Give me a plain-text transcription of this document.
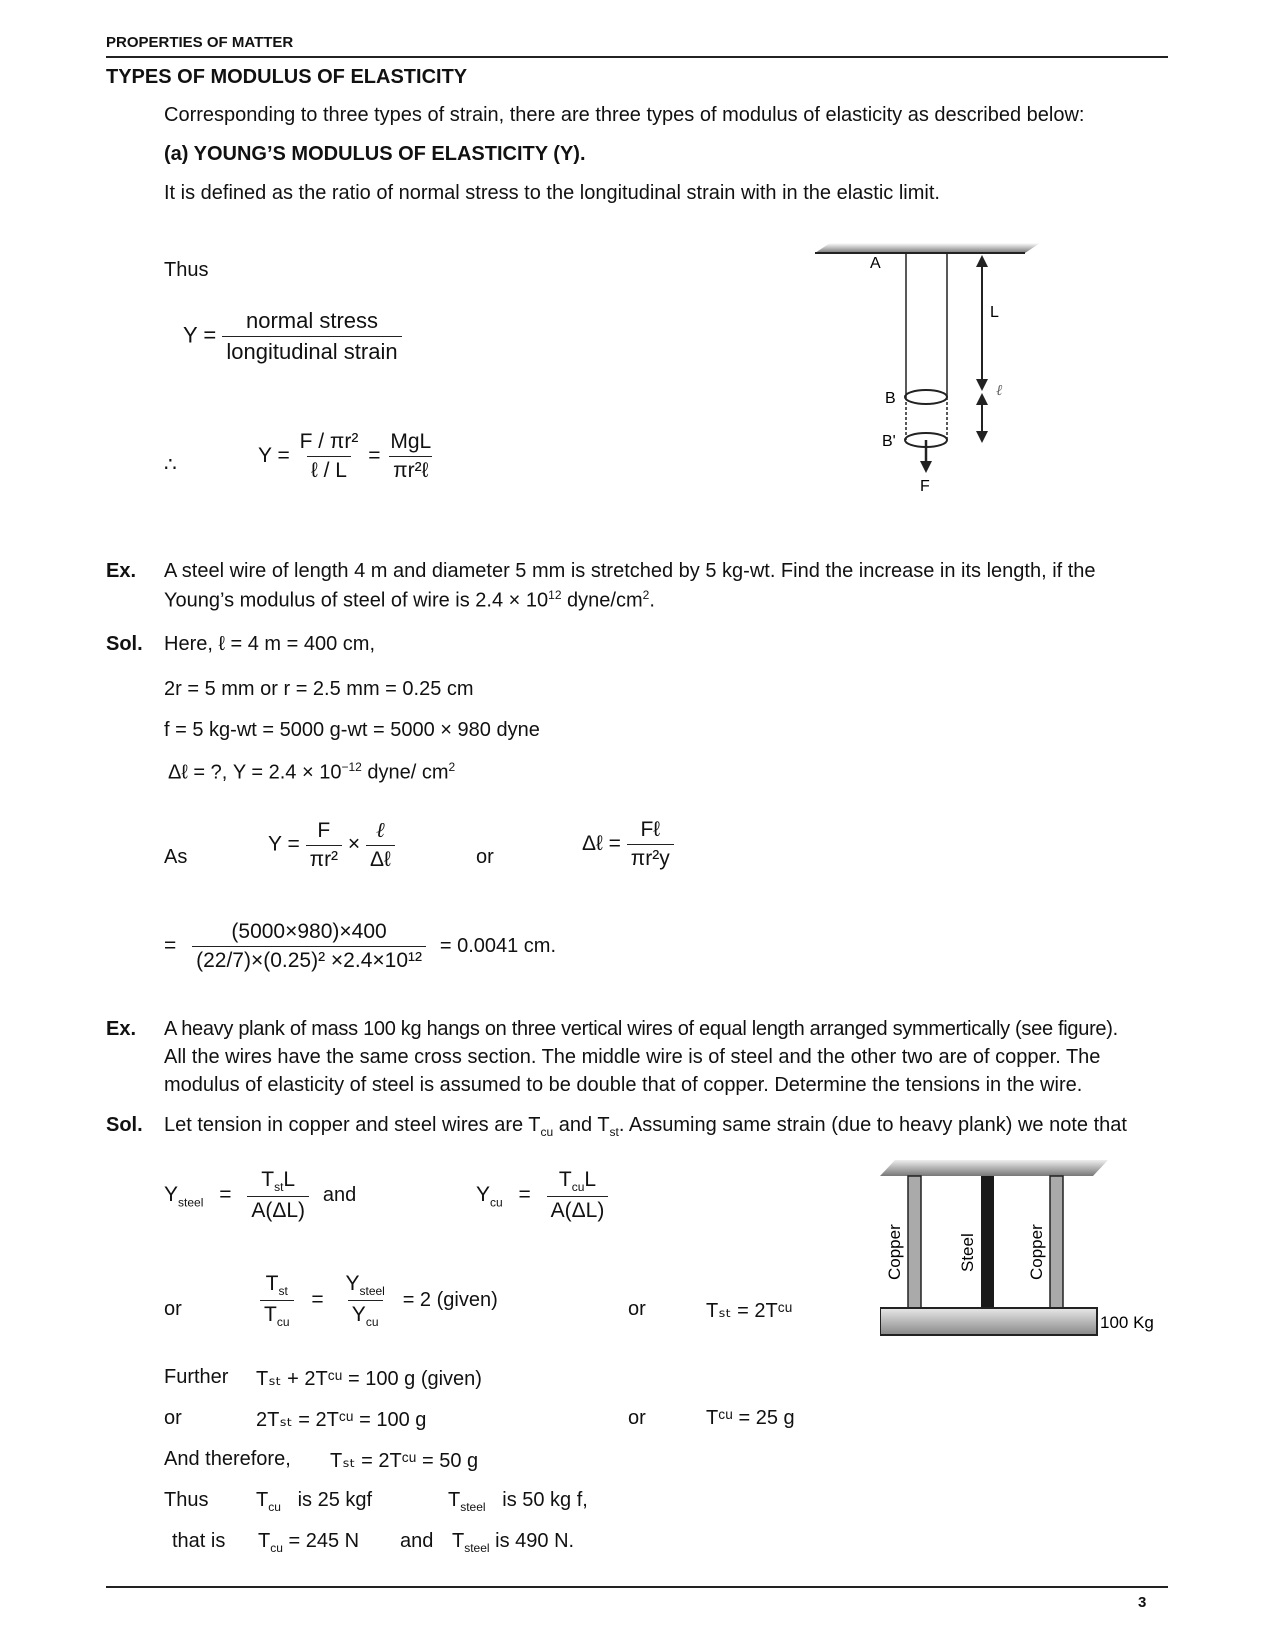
PROPERTIES OF MATTER
TYPES OF MODULUS OF ELASTICITY
Corresponding to three types of strain, there are three types of modulus of elasticity as described below:
(a) YOUNG’S MODULUS OF ELASTICITY (Y).
It is defined as the ratio of normal stress to the longitudinal strain with in the elastic limit.
Thus
$Y = \frac{\text{normal stress}}{\text{longitudinal strain}}$
∴	$Y = \frac{\text{F / πr²}}{\text{ℓ / L}} = \frac{\text{MgL}}{\text{πr²ℓ}}$
A
L
ℓ
B
B'
F
Ex. A steel wire of length 4 m and diameter 5 mm is stretched by 5 kg-wt. Find the increase in its length, if the
Young’s modulus of steel of wire is $2.4 \times 10^{12}$ dyne/$cm^2$.
Sol. Here, ℓ = 4 m = 400 cm,
2r = 5 mm or r = 2.5 mm = 0.25 cm
f = 5 kg-wt = 5000 g-wt = 5000 × 980 dyne
Δℓ = ?, $Y = 2.4 \times 10^{-12}$ dyne/ $cm^2$
As
$Y = \frac{F}{\text{πr²}} \times \frac{\text{ℓ}}{\text{Δℓ}}$	or
Δℓ = $\frac{\text{Fℓ}}{\text{πr²y}}$
= $\frac{(5000\times 980)\times 400}{\text{(22/7)×(0.25)² ×2.4×10¹²}} = 0.0041$ cm.
Ex. A heavy plank of mass 100 kg hangs on three vertical wires of equal length arranged symmertically (see figure).
All the wires have the same cross section. The middle wire is of steel and the other two are of copper. The
modulus of elasticity of steel is assumed to be double that of copper. Determine the tensions in the wire.
Sol. Let tension in copper and steel wires are $T_{cu}$ and $T_{st}$. Assuming same strain (due to heavy plank) we note that
$Y_{steel} = \frac{T_{st}L}{A(\Delta L)}$ and	$Y_{cu} = \frac{T_{cu}L}{A(\Delta L)}$
or	$\frac{T_{st}}{T_{cu}} = \frac{Y_{steel}}{Y_{cu}} = 2$ (given)	or	Tₛₜ = 2Tᶜᵘ
Further Tₛₜ + 2Tᶜᵘ = 100 g (given)
or	2Tₛₜ = 2Tᶜᵘ = 100 g	or	Tᶜᵘ = 25 g
And therefore, Tₛₜ = 2Tᶜᵘ = 50 g
Thus $T_{cu}$ is 25 kgf	$T_{steel}$ is 50 kg f,
that is $T_{cu} = 245$ N and $T_{steel}$ is 490 N.
Copper	Steel	Copper
100 Kg
3
